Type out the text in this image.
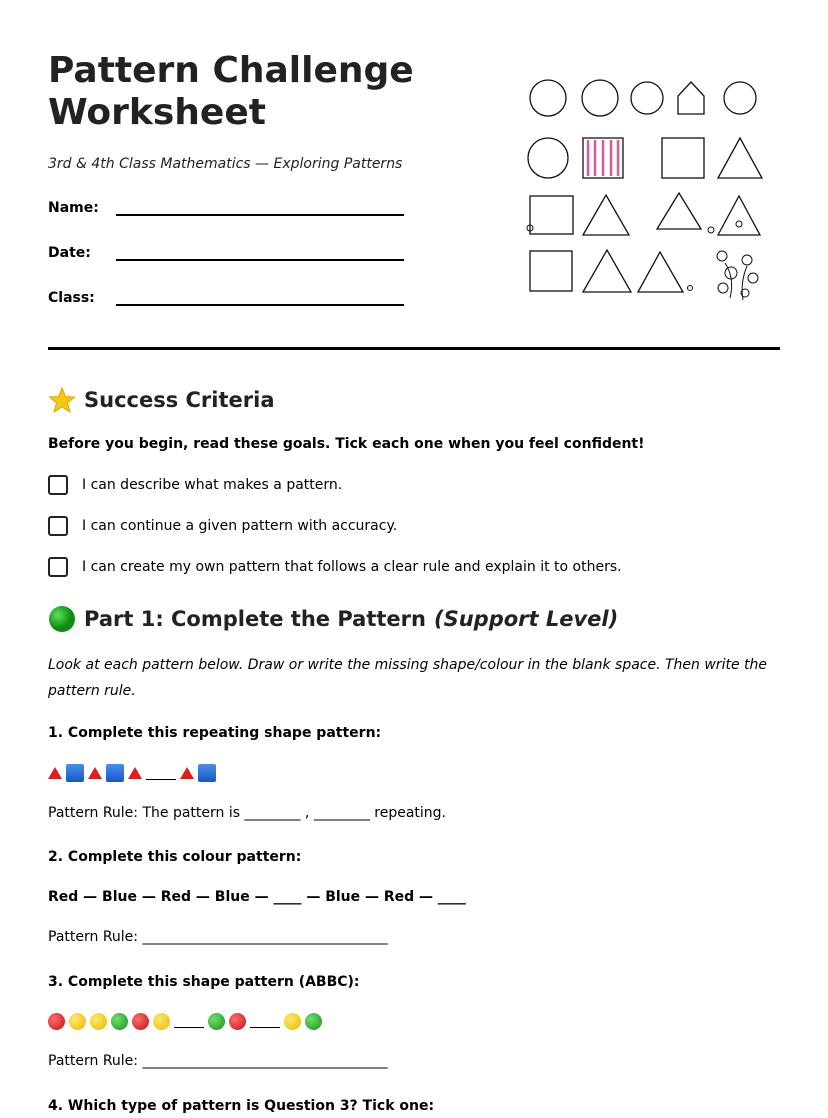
Pattern Challenge Worksheet
3rd & 4th Class Mathematics — Exploring Patterns
Name:
Date:
Class:
Success Criteria
Before you begin, read these goals. Tick each one when you feel confident!
I can describe what makes a pattern.
I can continue a given pattern with accuracy.
I can create my own pattern that follows a clear rule and explain it to others.
Part 1: Complete the Pattern (Support Level)
Look at each pattern below. Draw or write the missing shape/colour in the blank space. Then write the pattern rule.
1. Complete this repeating shape pattern:
Pattern Rule: The pattern is ________ , ________ repeating.
2. Complete this colour pattern:
Red — Blue — Red — Blue — ____ — Blue — Red — ____
Pattern Rule: ___________________________________
3. Complete this shape pattern (ABBC):
Pattern Rule: ___________________________________
4. Which type of pattern is Question 3? Tick one:
